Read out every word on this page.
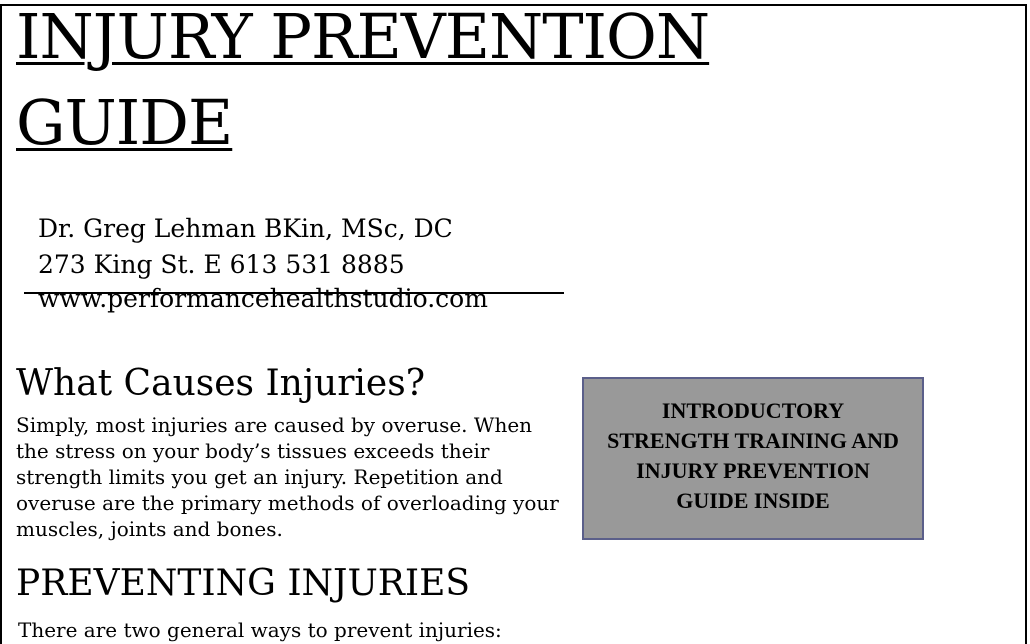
INJURY PREVENTION
GUIDE
Dr. Greg Lehman BKin, MSc, DC
273 King St. E 613 531 8885
www.performancehealthstudio.com
What Causes Injuries?

Simply, most injuries are caused by overuse. When
the stress on your body’s tissues exceeds their
strength limits you get an injury. Repetition and
overuse are the primary methods of overloading your
muscles, joints and bones.

INTRODUCTORY
STRENGTH TRAINING AND
INJURY PREVENTION
GUIDE INSIDE
PREVENTING INJURIES
There are two general ways to prevent injuries:
